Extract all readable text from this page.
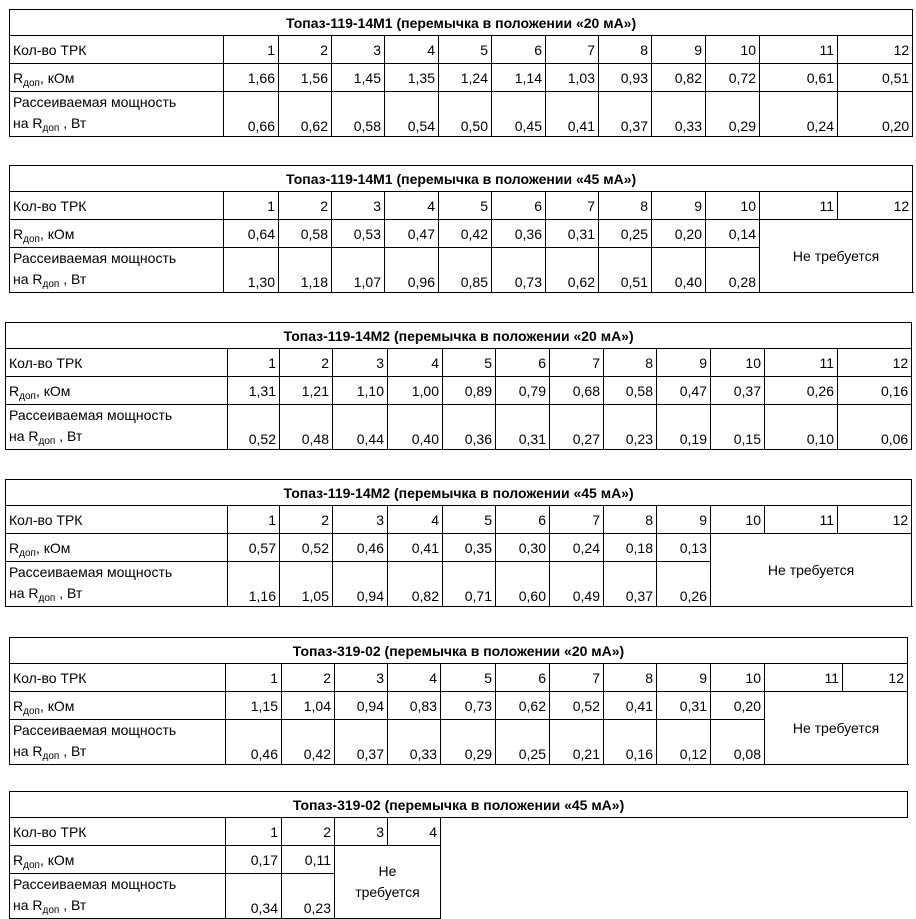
Топаз-119-14М1 (перемычка в положении «20 мА»)												
Кол-во ТРК	1	2	3	4	5	6	7	8	9	10	11	12
$R_{доп}$, кОм	1,66	1,56	1,45	1,35	1,24	1,14	1,03	0,93	0,82	0,72	0,61	0,51
Рассеиваемая мощность
на $R_{доп}$ , Вт	0,66	0,62	0,58	0,54	0,50	0,45	0,41	0,37	0,33	0,29	0,24	0,20
Топаз-119-14М1 (перемычка в положении «45 мА»)												
Кол-во ТРК	1	2	3	4	5	6	7	8	9	10	11	12
$R_{доп}$, кОм	0,64	0,58	0,53	0,47	0,42	0,36	0,31	0,25	0,20	0,14	Не требуется	
Рассеиваемая мощность
на $R_{доп}$ , Вт	1,30	1,18	1,07	0,96	0,85	0,73	0,62	0,51	0,40	0,28		
Топаз-119-14М2 (перемычка в положении «20 мА»)												
Кол-во ТРК	1	2	3	4	5	6	7	8	9	10	11	12
$R_{доп}$, кОм	1,31	1,21	1,10	1,00	0,89	0,79	0,68	0,58	0,47	0,37	0,26	0,16
Рассеиваемая мощность
на $R_{доп}$ , Вт	0,52	0,48	0,44	0,40	0,36	0,31	0,27	0,23	0,19	0,15	0,10	0,06
Топаз-119-14М2 (перемычка в положении «45 мА»)												
Кол-во ТРК	1	2	3	4	5	6	7	8	9	10	11	12
$R_{доп}$, кОм	0,57	0,52	0,46	0,41	0,35	0,30	0,24	0,18	0,13	Не требуется		
Рассеиваемая мощность
на $R_{доп}$ , Вт	1,16	1,05	0,94	0,82	0,71	0,60	0,49	0,37	0,26			
Топаз-319-02 (перемычка в положении «20 мА»)												
Кол-во ТРК	1	2	3	4	5	6	7	8	9	10	11	12
$R_{доп}$, кОм	1,15	1,04	0,94	0,83	0,73	0,62	0,52	0,41	0,31	0,20	Не требуется	
Рассеиваемая мощность
на $R_{доп}$ , Вт	0,46	0,42	0,37	0,33	0,29	0,25	0,21	0,16	0,12	0,08		
Топаз-319-02 (перемычка в положении «45 мА»)					
Кол-во ТРК	1	2	3	4	
$R_{доп}$, кОм	0,17	0,11	Не
требуется		
Рассеиваемая мощность
на $R_{доп}$ , Вт	0,34	0,23			
